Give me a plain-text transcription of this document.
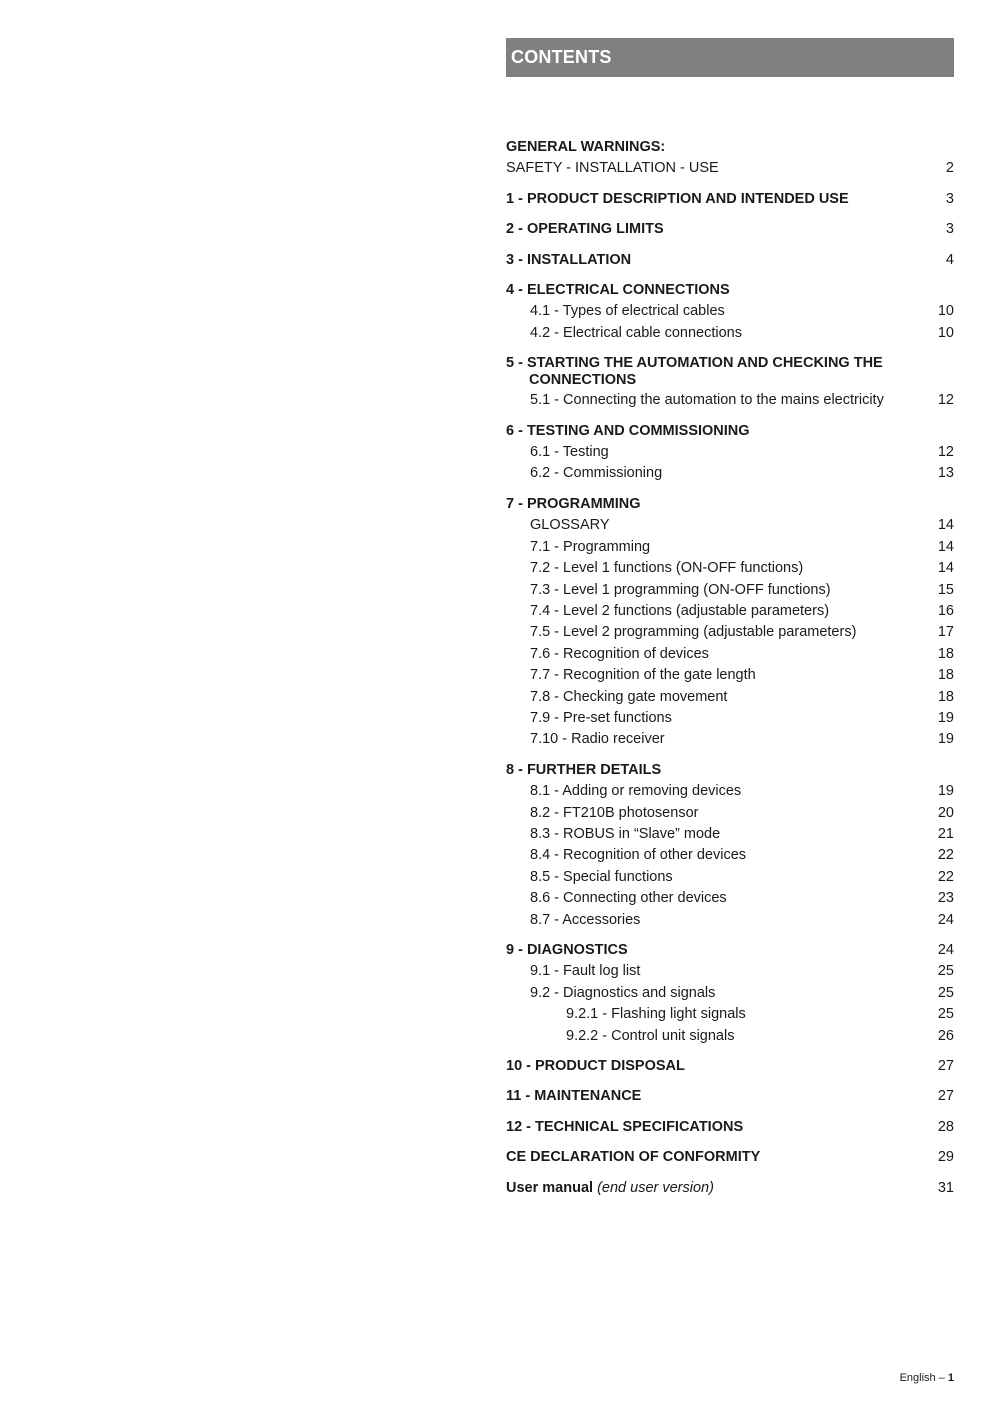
CONTENTS
GENERAL WARNINGS:
SAFETY - INSTALLATION - USE	2
1 - PRODUCT DESCRIPTION AND INTENDED USE	3
2 - OPERATING LIMITS	3
3 - INSTALLATION	4
4 - ELECTRICAL CONNECTIONS
4.1 - Types of electrical cables	10
4.2 - Electrical cable connections	10
5 - STARTING THE AUTOMATION AND CHECKING THE CONNECTIONS
5.1 - Connecting the automation to the mains electricity	12
6 - TESTING AND COMMISSIONING
6.1 - Testing	12
6.2 - Commissioning	13
7 - PROGRAMMING
GLOSSARY	14
7.1 - Programming	14
7.2 - Level 1 functions (ON-OFF functions)	14
7.3 - Level 1 programming (ON-OFF functions)	15
7.4 - Level 2 functions (adjustable parameters)	16
7.5 - Level 2 programming (adjustable parameters)	17
7.6 - Recognition of devices	18
7.7 - Recognition of the gate length	18
7.8 - Checking gate movement	18
7.9 - Pre-set functions	19
7.10 - Radio receiver	19
8 - FURTHER DETAILS
8.1 - Adding or removing devices	19
8.2 - FT210B photosensor	20
8.3 - ROBUS in “Slave” mode	21
8.4 - Recognition of other devices	22
8.5 - Special functions	22
8.6 - Connecting other devices	23
8.7 - Accessories	24
9 - DIAGNOSTICS	24
9.1 - Fault log list	25
9.2 - Diagnostics and signals	25
9.2.1 - Flashing light signals	25
9.2.2 - Control unit signals	26
10 - PRODUCT DISPOSAL	27
11 - MAINTENANCE	27
12 - TECHNICAL SPECIFICATIONS	28
CE DECLARATION OF CONFORMITY	29
User manual (end user version)	31
English – 1
